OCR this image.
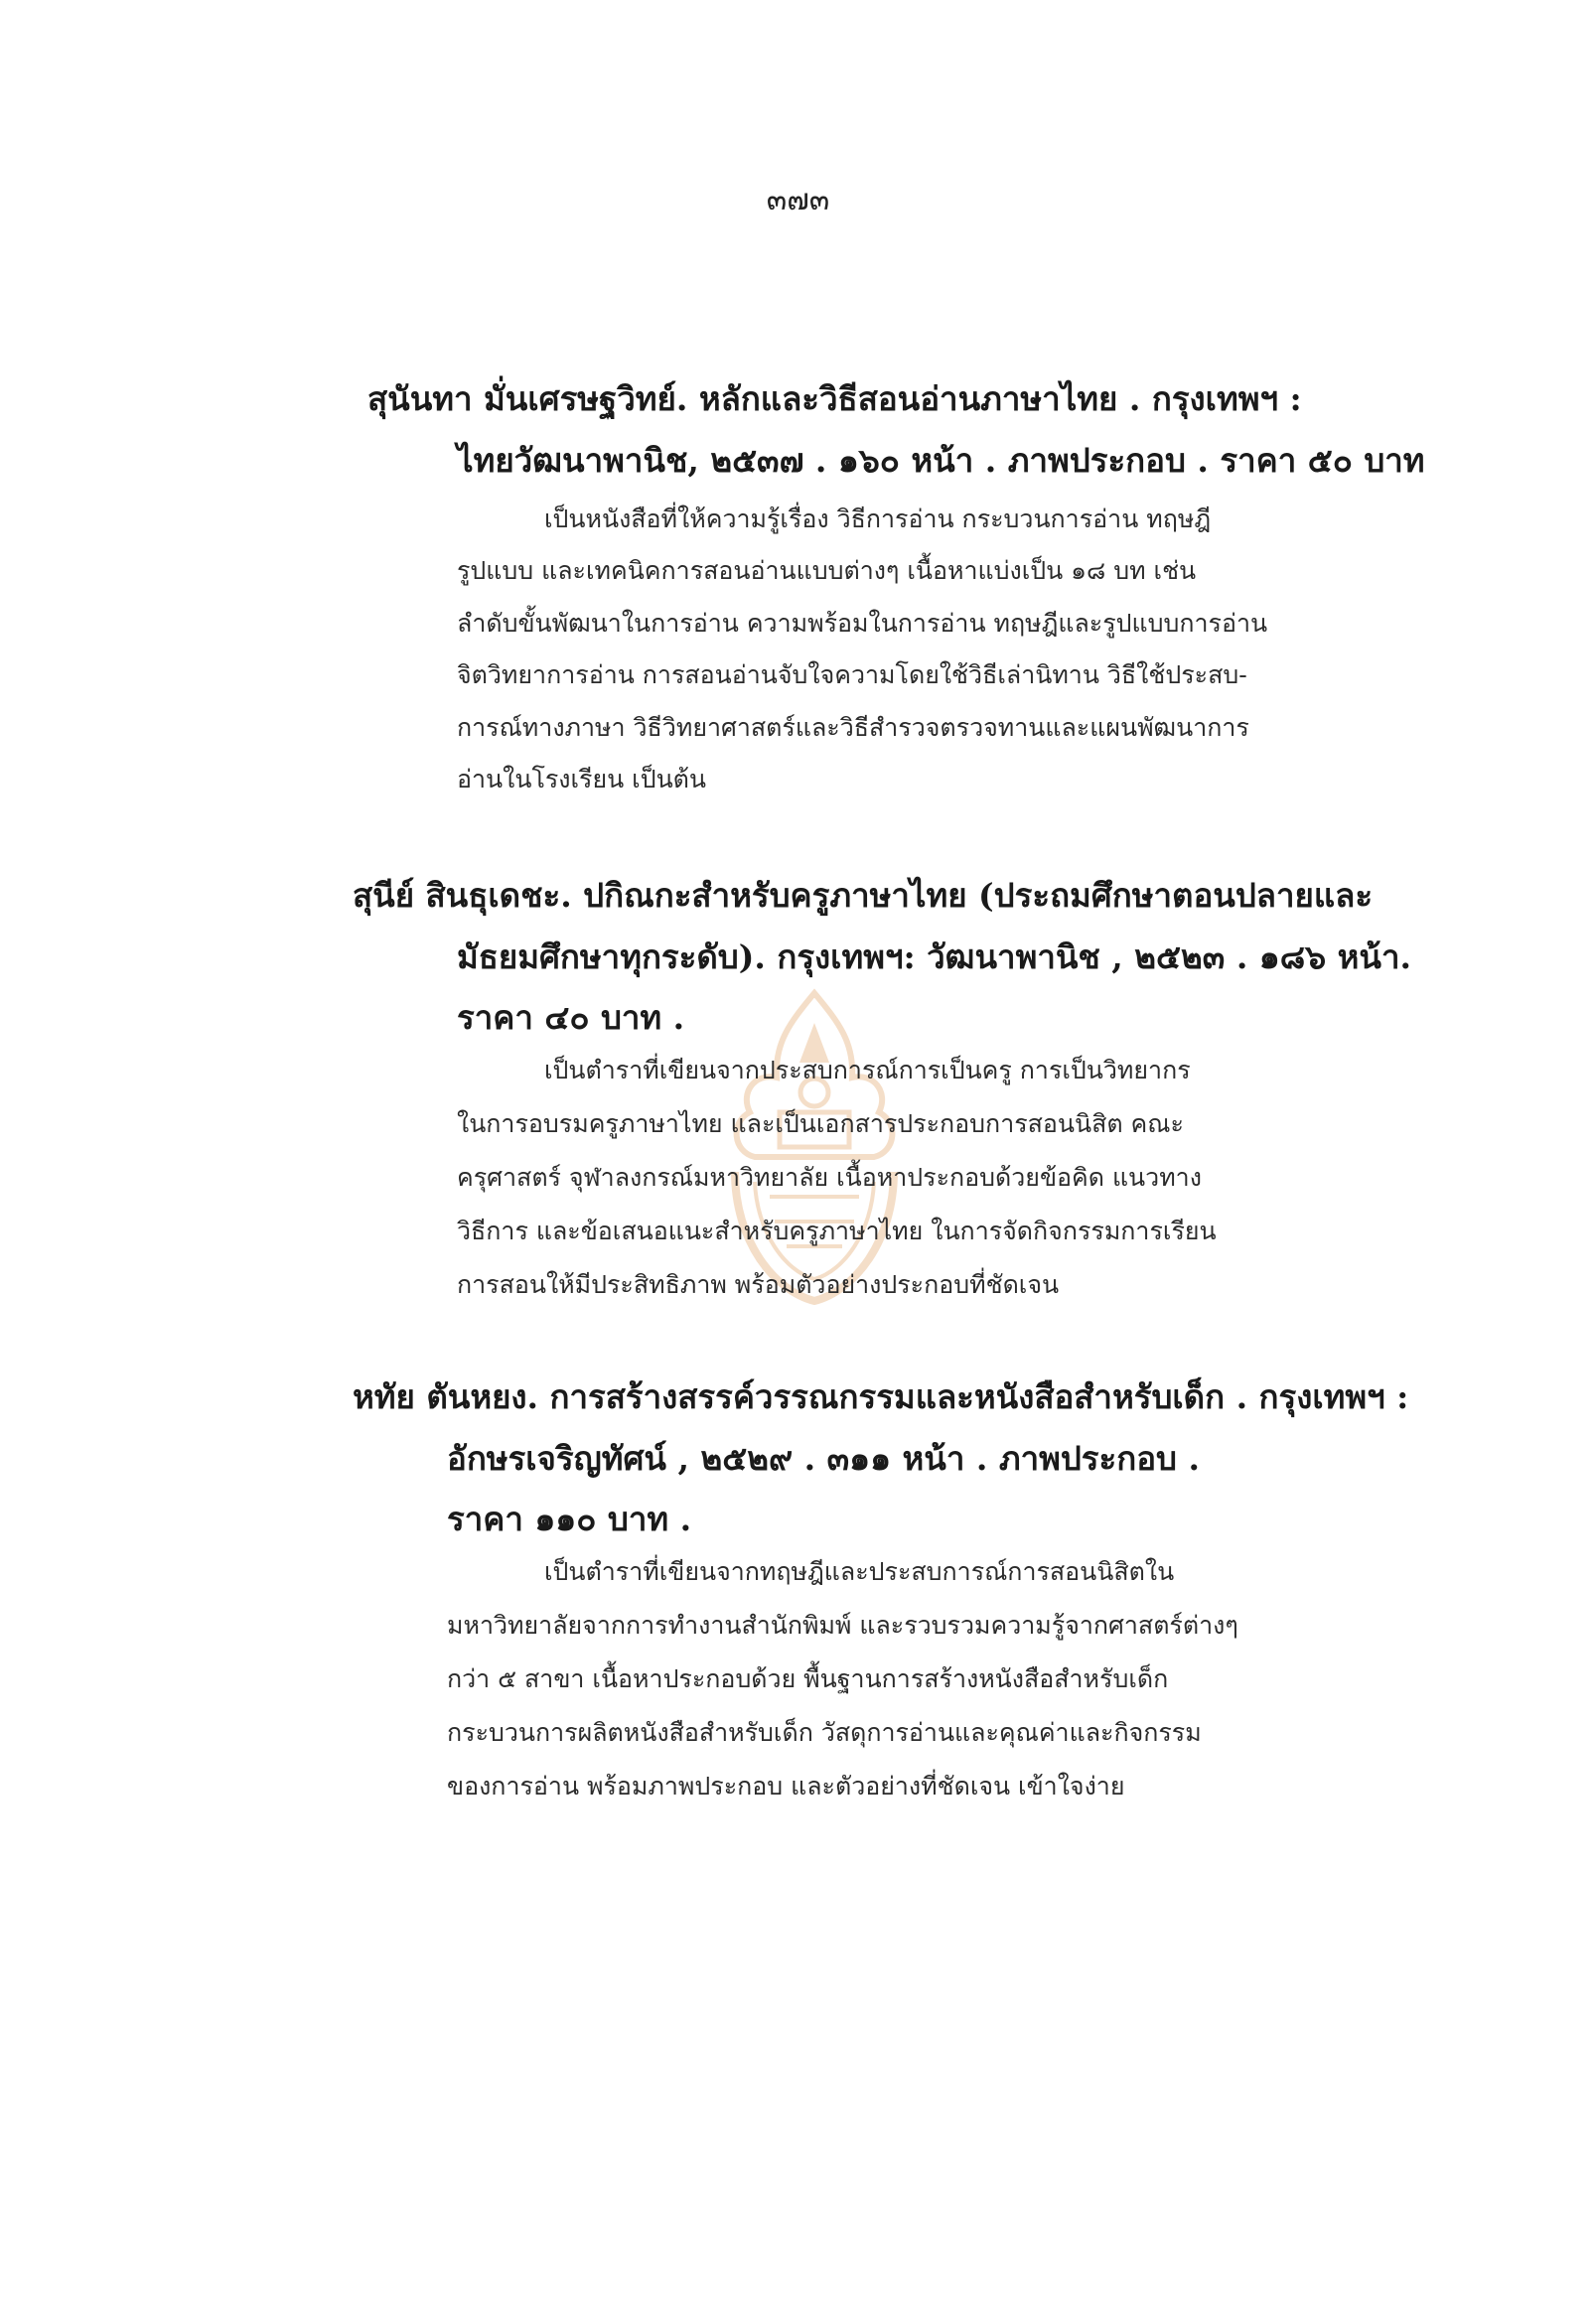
๓๗๓
สุนันทา มั่นเศรษฐวิทย์. หลักและวิธีสอนอ่านภาษาไทย . กรุงเทพฯ :
ไทยวัฒนาพานิช, ๒๕๓๗ . ๑๖๐ หน้า . ภาพประกอบ . ราคา ๕๐ บาท
เป็นหนังสือที่ให้ความรู้เรื่อง วิธีการอ่าน กระบวนการอ่าน ทฤษฎี
รูปแบบ และเทคนิคการสอนอ่านแบบต่างๆ เนื้อหาแบ่งเป็น ๑๘ บท เช่น
ลำดับขั้นพัฒนาในการอ่าน ความพร้อมในการอ่าน ทฤษฎีและรูปแบบการอ่าน
จิตวิทยาการอ่าน การสอนอ่านจับใจความโดยใช้วิธีเล่านิทาน วิธีใช้ประสบ-
การณ์ทางภาษา วิธีวิทยาศาสตร์และวิธีสำรวจตรวจทานและแผนพัฒนาการ
อ่านในโรงเรียน เป็นต้น
สุนีย์ สินธุเดชะ. ปกิณกะสำหรับครูภาษาไทย (ประถมศึกษาตอนปลายและ
มัธยมศึกษาทุกระดับ). กรุงเทพฯ: วัฒนาพานิช , ๒๕๒๓ . ๑๘๖ หน้า.
ราคา ๔๐ บาท .
เป็นตำราที่เขียนจากประสบการณ์การเป็นครู การเป็นวิทยากร
ในการอบรมครูภาษาไทย และเป็นเอกสารประกอบการสอนนิสิต คณะ
ครุศาสตร์ จุฬาลงกรณ์มหาวิทยาลัย เนื้อหาประกอบด้วยข้อคิด แนวทาง
วิธีการ และข้อเสนอแนะสำหรับครูภาษาไทย ในการจัดกิจกรรมการเรียน
การสอนให้มีประสิทธิภาพ พร้อมตัวอย่างประกอบที่ชัดเจน
หทัย ตันหยง. การสร้างสรรค์วรรณกรรมและหนังสือสำหรับเด็ก . กรุงเทพฯ :
อักษรเจริญทัศน์ , ๒๕๒๙ . ๓๑๑ หน้า . ภาพประกอบ .
ราคา ๑๑๐ บาท .
เป็นตำราที่เขียนจากทฤษฎีและประสบการณ์การสอนนิสิตใน
มหาวิทยาลัยจากการทำงานสำนักพิมพ์ และรวบรวมความรู้จากศาสตร์ต่างๆ
กว่า ๕ สาขา เนื้อหาประกอบด้วย พื้นฐานการสร้างหนังสือสำหรับเด็ก
กระบวนการผลิตหนังสือสำหรับเด็ก วัสดุการอ่านและคุณค่าและกิจกรรม
ของการอ่าน พร้อมภาพประกอบ และตัวอย่างที่ชัดเจน เข้าใจง่าย
